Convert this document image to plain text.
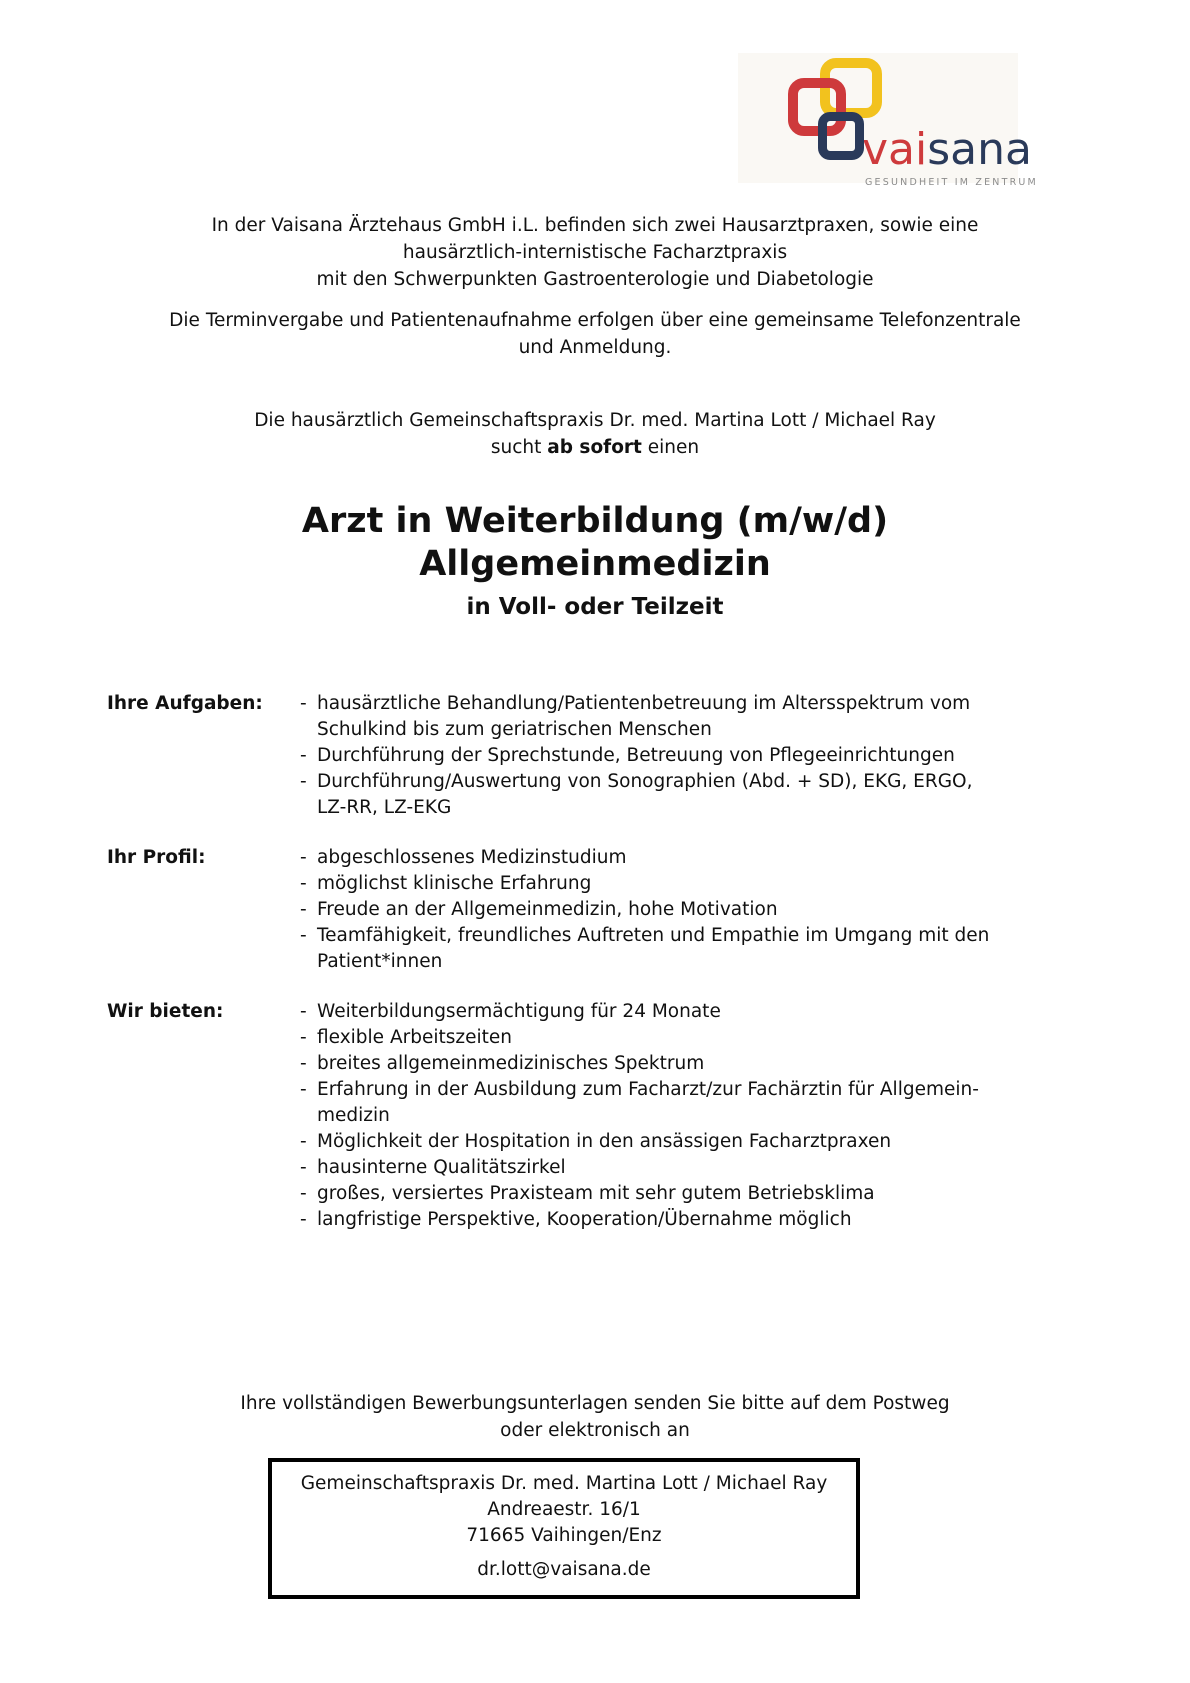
vaisana
GESUNDHEIT IM ZENTRUM
In der Vaisana Ärztehaus GmbH i.L. befinden sich zwei Hausarztpraxen, sowie eine
hausärztlich-internistische Facharztpraxis
mit den Schwerpunkten Gastroenterologie und Diabetologie
Die Terminvergabe und Patientenaufnahme erfolgen über eine gemeinsame Telefonzentrale
und Anmeldung.
Die hausärztlich Gemeinschaftspraxis Dr. med. Martina Lott / Michael Ray
sucht ab sofort einen
Arzt in Weiterbildung (m/w/d)
Allgemeinmedizin
in Voll- oder Teilzeit
Ihre Aufgaben:	- hausärztliche Behandlung/Patientenbetreuung im Altersspektrum vom
Schulkind bis zum geriatrischen Menschen
- Durchführung der Sprechstunde, Betreuung von Pflegeeinrichtungen
- Durchführung/Auswertung von Sonographien (Abd. + SD), EKG, ERGO,
LZ-RR, LZ-EKG
Ihr Profil:	- abgeschlossenes Medizinstudium
- möglichst klinische Erfahrung
- Freude an der Allgemeinmedizin, hohe Motivation
- Teamfähigkeit, freundliches Auftreten und Empathie im Umgang mit den
Patient*innen
Wir bieten:	- Weiterbildungsermächtigung für 24 Monate
- flexible Arbeitszeiten
- breites allgemeinmedizinisches Spektrum
- Erfahrung in der Ausbildung zum Facharzt/zur Fachärztin für Allgemein-
medizin
- Möglichkeit der Hospitation in den ansässigen Facharztpraxen
- hausinterne Qualitätszirkel
- großes, versiertes Praxisteam mit sehr gutem Betriebsklima
- langfristige Perspektive, Kooperation/Übernahme möglich
Ihre vollständigen Bewerbungsunterlagen senden Sie bitte auf dem Postweg
oder elektronisch an
Gemeinschaftspraxis Dr. med. Martina Lott / Michael Ray
Andreaestr. 16/1
71665 Vaihingen/Enz
dr.lott@vaisana.de
